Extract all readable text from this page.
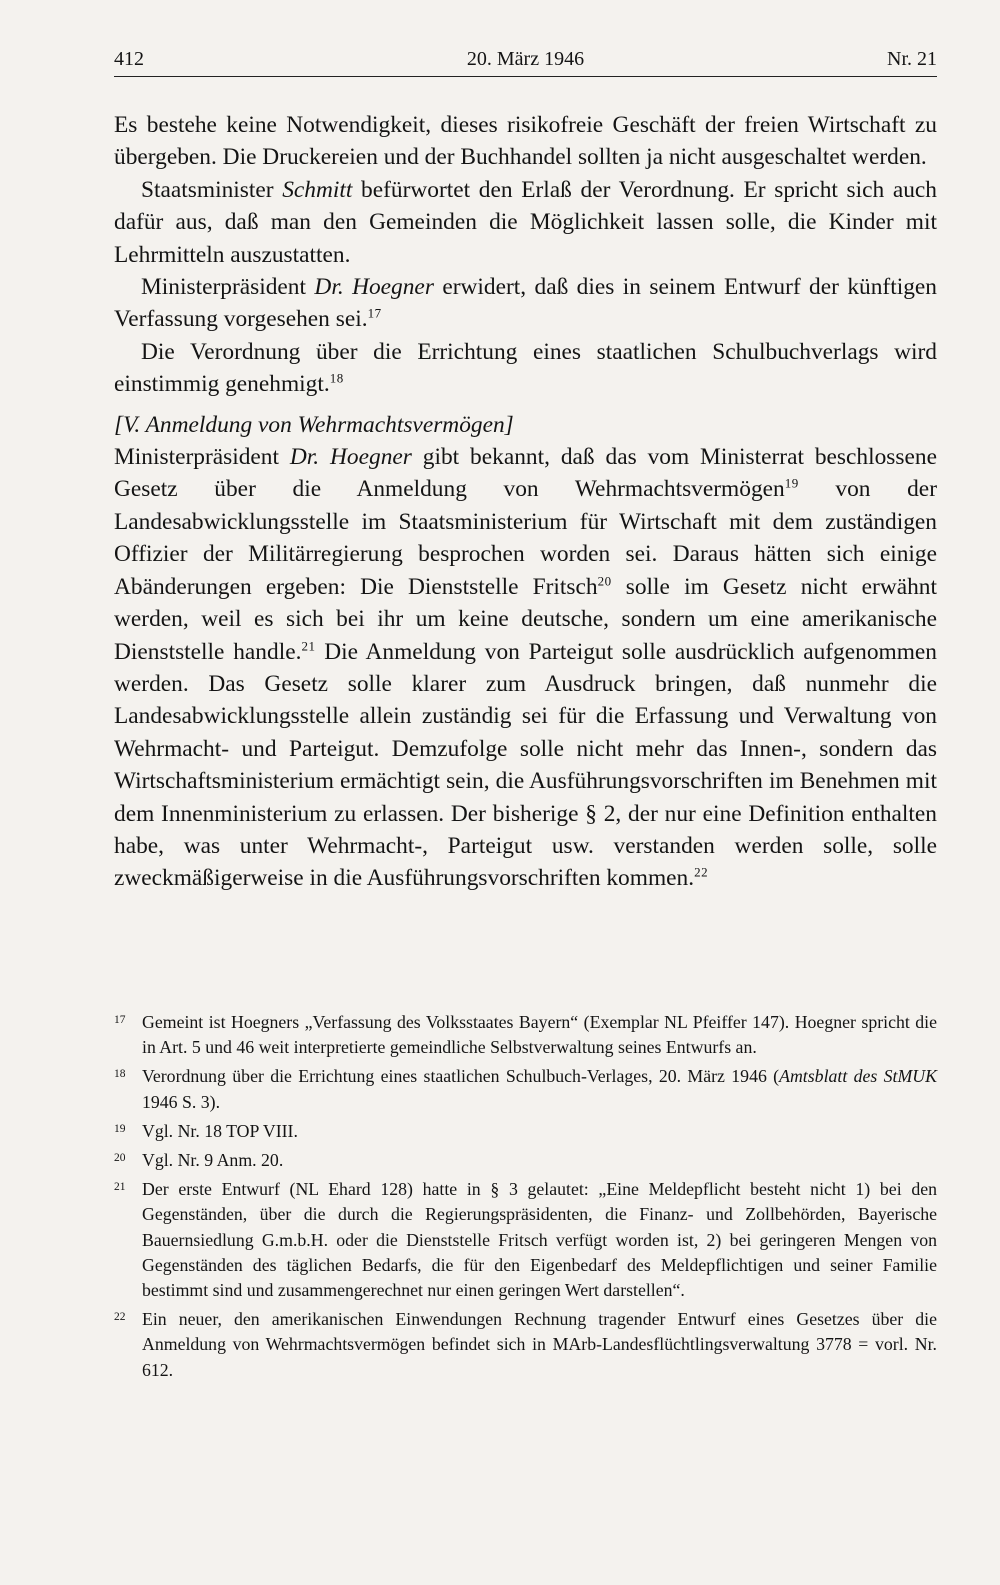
412	20. März 1946	Nr. 21

Es bestehe keine Notwendigkeit, dieses risikofreie Geschäft der freien Wirtschaft zu übergeben. Die Druckereien und der Buchhandel sollten ja nicht ausgeschaltet werden.

Staatsminister Schmitt befürwortet den Erlaß der Verordnung. Er spricht sich auch dafür aus, daß man den Gemeinden die Möglichkeit lassen solle, die Kinder mit Lehrmitteln auszustatten.

Ministerpräsident Dr. Hoegner erwidert, daß dies in seinem Entwurf der künftigen Verfassung vorgesehen sei.$^{17}$

Die Verordnung über die Errichtung eines staatlichen Schulbuchverlags wird einstimmig genehmigt.$^{18}$

[V. Anmeldung von Wehrmachtsvermögen]

Ministerpräsident Dr. Hoegner gibt bekannt, daß das vom Ministerrat beschlossene Gesetz über die Anmeldung von Wehrmachtsvermögen$^{19}$ von der Landesabwicklungsstelle im Staatsministerium für Wirtschaft mit dem zuständigen Offizier der Militärregierung besprochen worden sei. Daraus hätten sich einige Abänderungen ergeben: Die Dienststelle Fritsch$^{20}$ solle im Gesetz nicht erwähnt werden, weil es sich bei ihr um keine deutsche, sondern um eine amerikanische Dienststelle handle.$^{21}$ Die Anmeldung von Parteigut solle ausdrücklich aufgenommen werden. Das Gesetz solle klarer zum Ausdruck bringen, daß nunmehr die Landesabwicklungsstelle allein zuständig sei für die Erfassung und Verwaltung von Wehrmacht- und Parteigut. Demzufolge solle nicht mehr das Innen-, sondern das Wirtschaftsministerium ermächtigt sein, die Ausführungsvorschriften im Benehmen mit dem Innenministerium zu erlassen. Der bisherige § 2, der nur eine Definition enthalten habe, was unter Wehrmacht-, Parteigut usw. verstanden werden solle, solle zweckmäßigerweise in die Ausführungsvorschriften kommen.$^{22}$

17 Gemeint ist Hoegners „Verfassung des Volksstaates Bayern“ (Exemplar NL Pfeiffer 147). Hoegner spricht die in Art. 5 und 46 weit interpretierte gemeindliche Selbstverwaltung seines Entwurfs an.
18 Verordnung über die Errichtung eines staatlichen Schulbuch-Verlages, 20. März 1946 (Amtsblatt des StMUK 1946 S. 3).
19 Vgl. Nr. 18 TOP VIII.
20 Vgl. Nr. 9 Anm. 20.
21 Der erste Entwurf (NL Ehard 128) hatte in § 3 gelautet: „Eine Meldepflicht besteht nicht 1) bei den Gegenständen, über die durch die Regierungspräsidenten, die Finanz- und Zollbehörden, Bayerische Bauernsiedlung G.m.b.H. oder die Dienststelle Fritsch verfügt worden ist, 2) bei geringeren Mengen von Gegenständen des täglichen Bedarfs, die für den Eigenbedarf des Meldepflichtigen und seiner Familie bestimmt sind und zusammengerechnet nur einen geringen Wert darstellen“.
22 Ein neuer, den amerikanischen Einwendungen Rechnung tragender Entwurf eines Gesetzes über die Anmeldung von Wehrmachtsvermögen befindet sich in MArb-Landesflüchtlingsverwaltung 3778 = vorl. Nr. 612.
